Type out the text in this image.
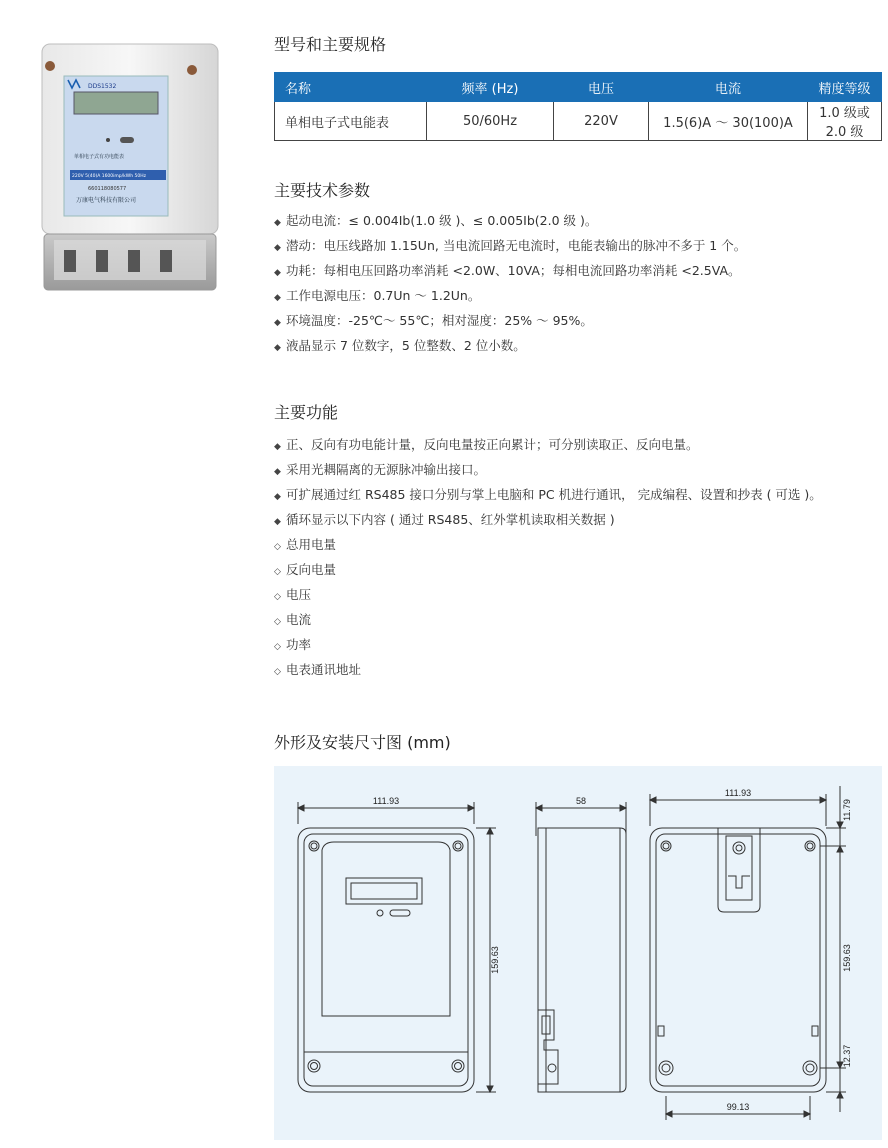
DDS1532
单相电子式有功电能表
220V 5(40)A 1600imp/kWh 50Hz
660118080577
万康电气科技有限公司
型号和主要规格
名称	频率 (Hz)	电压	电流	精度等级
单相电子式电能表	50/60Hz	220V	1.5(6)A ～ 30(100)A	1.0 级或 2.0 级
主要技术参数
◆ 起动电流：≤ 0.004Ib(1.0 级 )、≤ 0.005Ib(2.0 级 )。
◆ 潜动：电压线路加 1.15Un, 当电流回路无电流时，电能表输出的脉冲不多于 1 个。
◆ 功耗：每相电压回路功率消耗 <2.0W、10VA；每相电流回路功率消耗 <2.5VA。
◆ 工作电源电压：0.7Un ～ 1.2Un。
◆ 环境温度：-25℃～ 55℃；相对湿度：25% ～ 95%。
◆ 液晶显示 7 位数字，5 位整数、2 位小数。
主要功能
◆ 正、反向有功电能计量，反向电量按正向累计；可分别读取正、反向电量。
◆ 采用光耦隔离的无源脉冲输出接口。
◆ 可扩展通过红 RS485 接口分别与掌上电脑和 PC 机进行通讯， 完成编程、设置和抄表 ( 可选 )。
◆ 循环显示以下内容 ( 通过 RS485、红外掌机读取相关数据 )
◇ 总用电量
◇ 反向电量
◇ 电压
◇ 电流
◇ 功率
◇ 电表通讯地址
外形及安装尺寸图 (mm)
111.93
159.63
58
111.93
159.63
11.79
12.37
99.13
